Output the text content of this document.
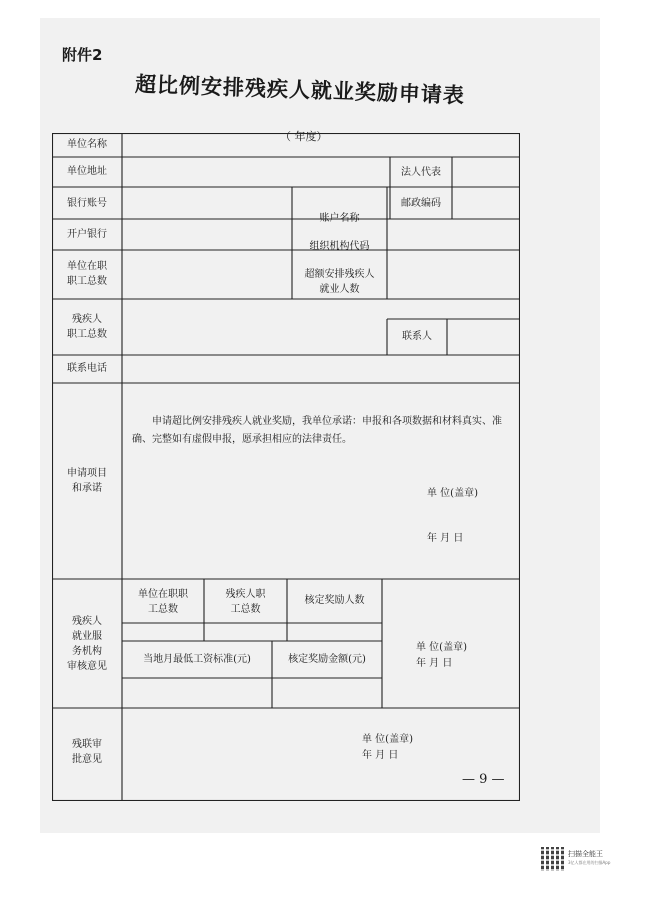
附件2
超比例安排残疾人就业奖励申请表
（ 年度）
单位名称
单位地址
银行账号
开户银行
单位在职
职工总数
残疾人
职工总数
联系电话
申请项目
和承诺
残疾人
就业服
务机构
审核意见
残联审
批意见
法人代表
邮政编码
账户名称
组织机构代码
超额安排残疾人
就业人数
联系人
申请超比例安排残疾人就业奖励，我单位承诺：申报和各项数据和材料真实、准确、完整如有虚假申报，愿承担相应的法律责任。
单 位(盖章)
年 月 日
单位在职职
工总数
残疾人职
工总数
核定奖励人数
当地月最低工资标准(元)	核定奖励金额(元)
单 位(盖章)
年 月 日
单 位(盖章)
年 月 日
— 9 —
扫描全能王
3亿人都在用的扫描App
